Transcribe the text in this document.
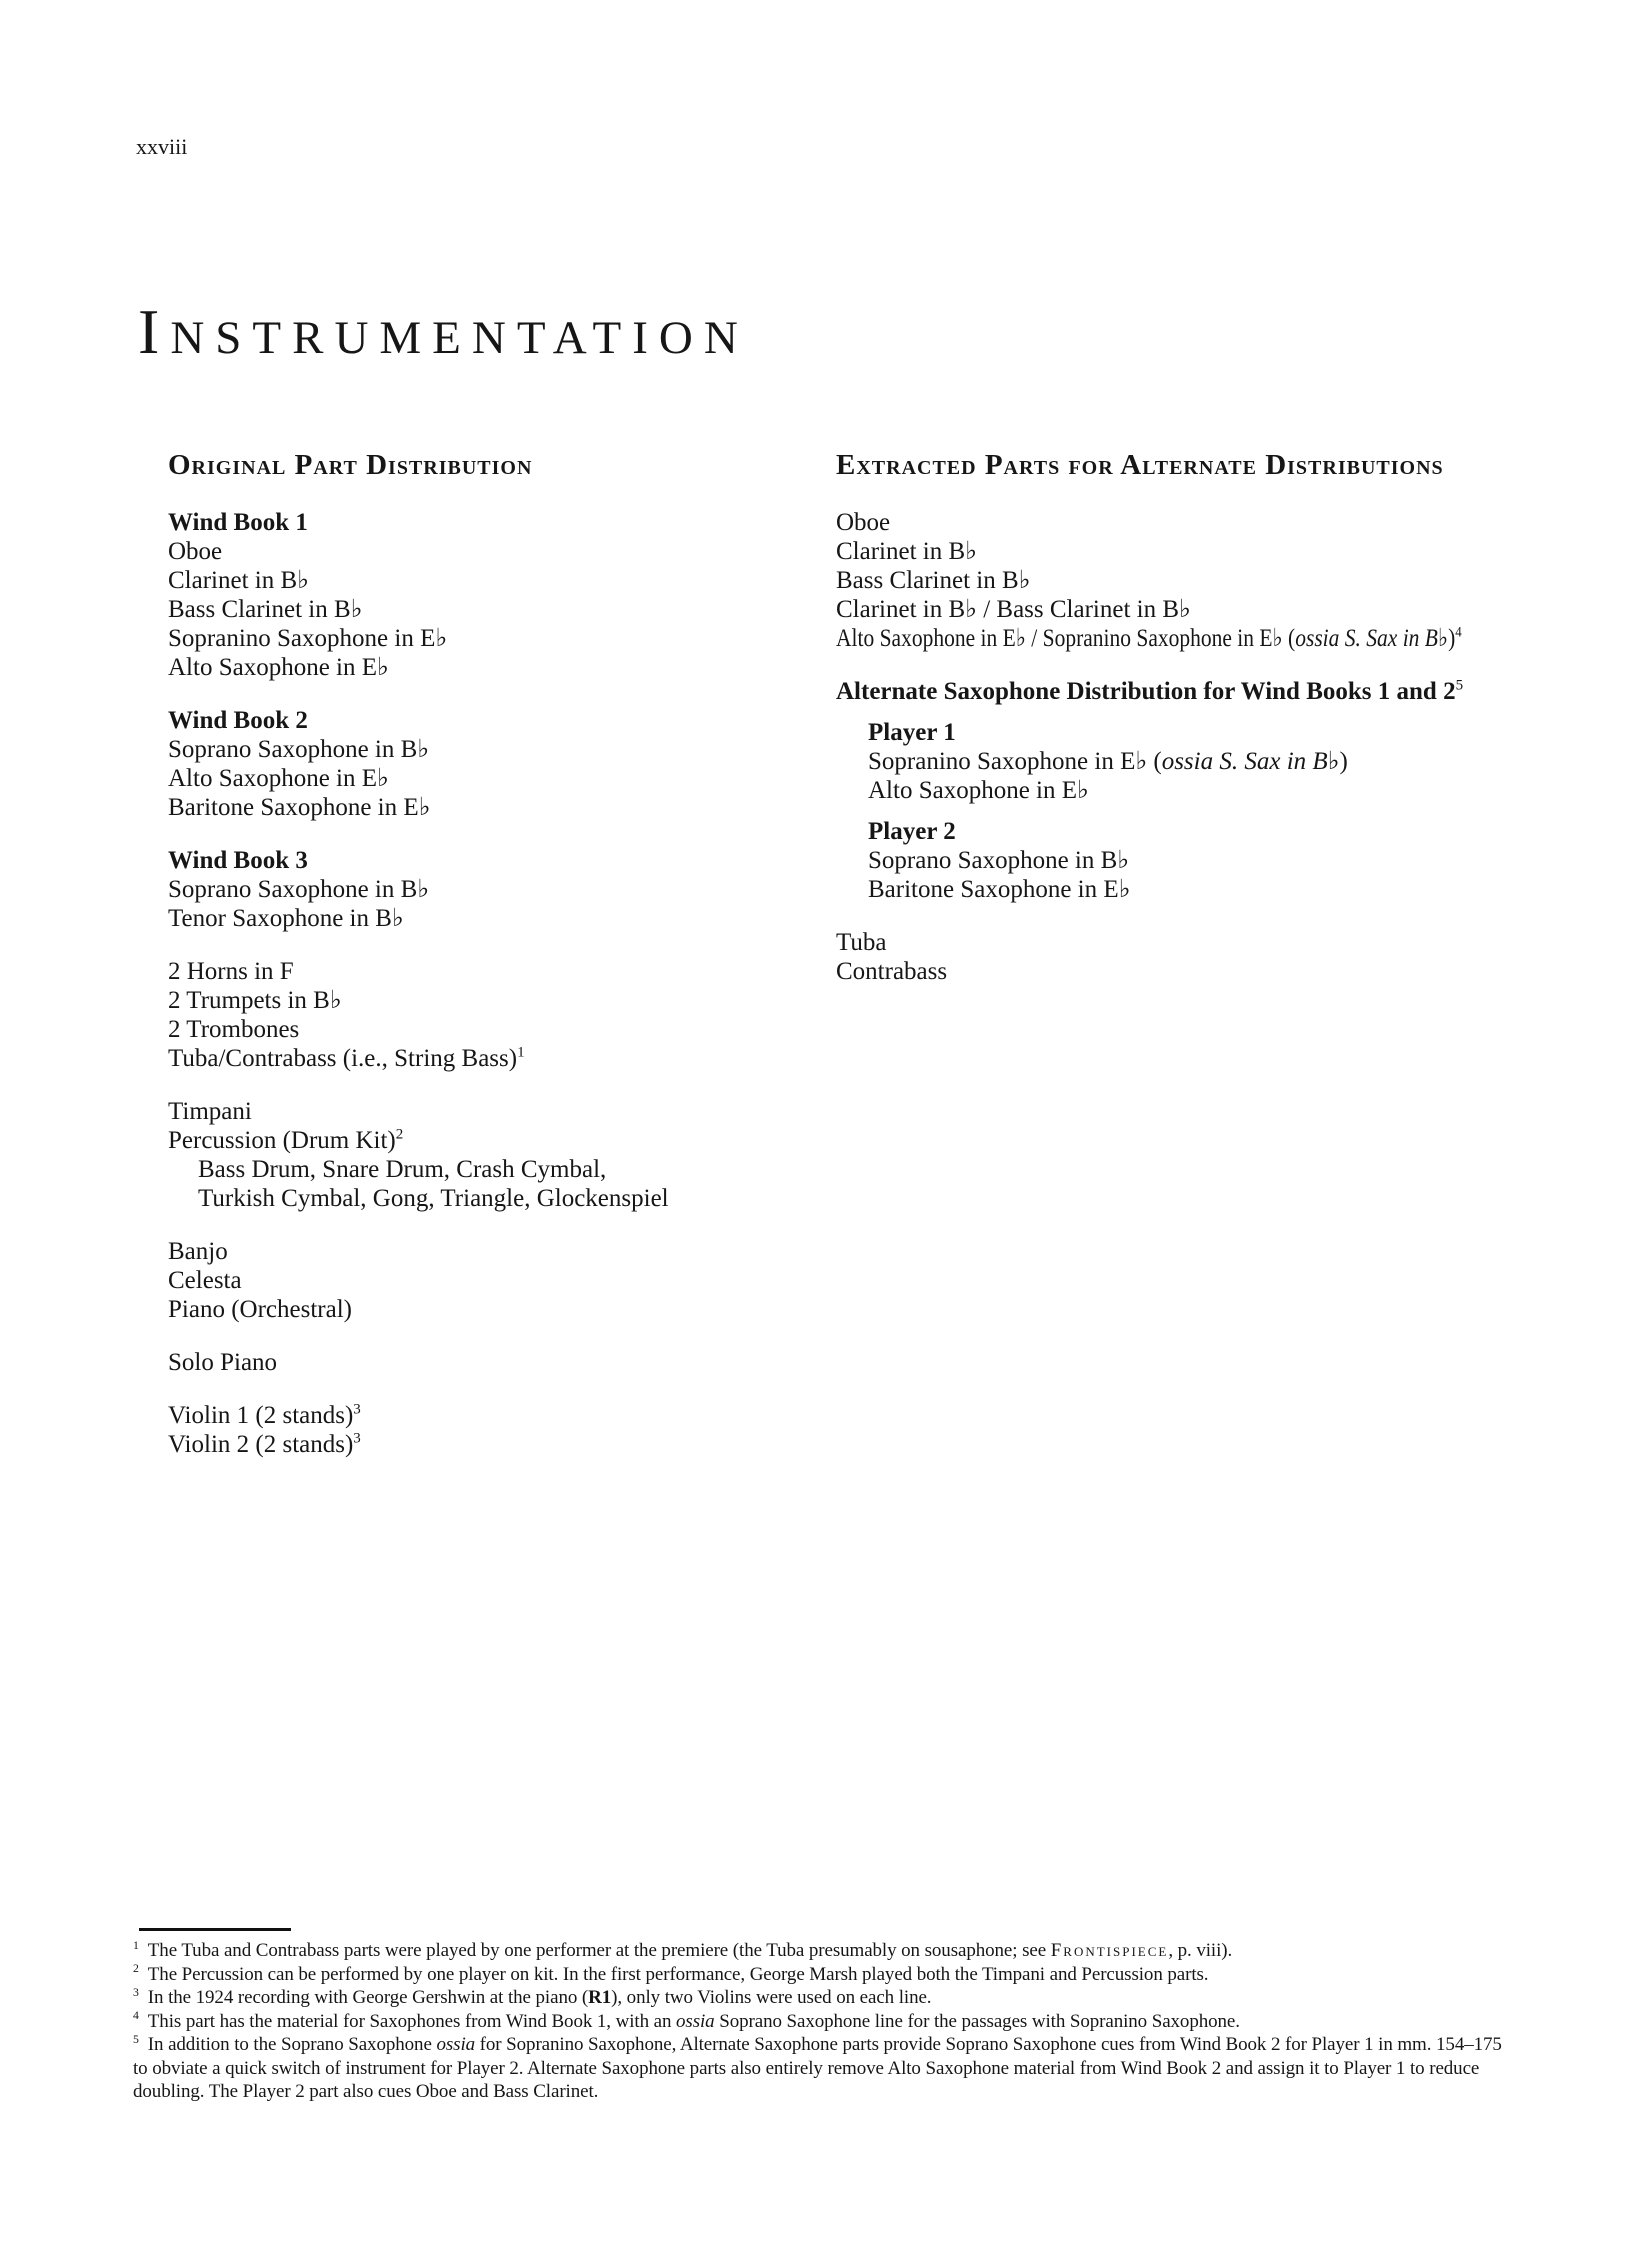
xxviii
INSTRUMENTATION
Original Part Distribution
Wind Book 1
Oboe
Clarinet in B♭
Bass Clarinet in B♭
Sopranino Saxophone in E♭
Alto Saxophone in E♭
Wind Book 2
Soprano Saxophone in B♭
Alto Saxophone in E♭
Baritone Saxophone in E♭
Wind Book 3
Soprano Saxophone in B♭
Tenor Saxophone in B♭
2 Horns in F
2 Trumpets in B♭
2 Trombones
Tuba/Contrabass (i.e., String Bass)$^1$
Timpani
Percussion (Drum Kit)$^2$
Bass Drum, Snare Drum, Crash Cymbal,
Turkish Cymbal, Gong, Triangle, Glockenspiel
Banjo
Celesta
Piano (Orchestral)
Solo Piano
Violin 1 (2 stands)$^3$
Violin 2 (2 stands)$^3$
Extracted Parts for Alternate Distributions
Oboe
Clarinet in B♭
Bass Clarinet in B♭
Clarinet in B♭ / Bass Clarinet in B♭
Alto Saxophone in E♭ / Sopranino Saxophone in E♭ (ossia S. Sax in B♭)$^4$
Alternate Saxophone Distribution for Wind Books 1 and $2^5$
Player 1
Sopranino Saxophone in E♭ (ossia S. Sax in B♭)
Alto Saxophone in E♭
Player 2
Soprano Saxophone in B♭
Baritone Saxophone in E♭
Tuba
Contrabass

$^1$ The Tuba and Contrabass parts were played by one performer at the premiere (the Tuba presumably on sousaphone; see Frontispiece, p. viii).

$^2$ The Percussion can be performed by one player on kit. In the first performance, George Marsh played both the Timpani and Percussion parts.

$^3$ In the 1924 recording with George Gershwin at the piano (R1), only two Violins were used on each line.

$^4$ This part has the material for Saxophones from Wind Book 1, with an ossia Soprano Saxophone line for the passages with Sopranino Saxophone.

$^5$ In addition to the Soprano Saxophone ossia for Sopranino Saxophone, Alternate Saxophone parts provide Soprano Saxophone cues from Wind Book 2 for Player 1 in mm. 154–175 to obviate a quick switch of instrument for Player 2. Alternate Saxophone parts also entirely remove Alto Saxophone material from Wind Book 2 and assign it to Player 1 to reduce doubling. The Player 2 part also cues Oboe and Bass Clarinet.
